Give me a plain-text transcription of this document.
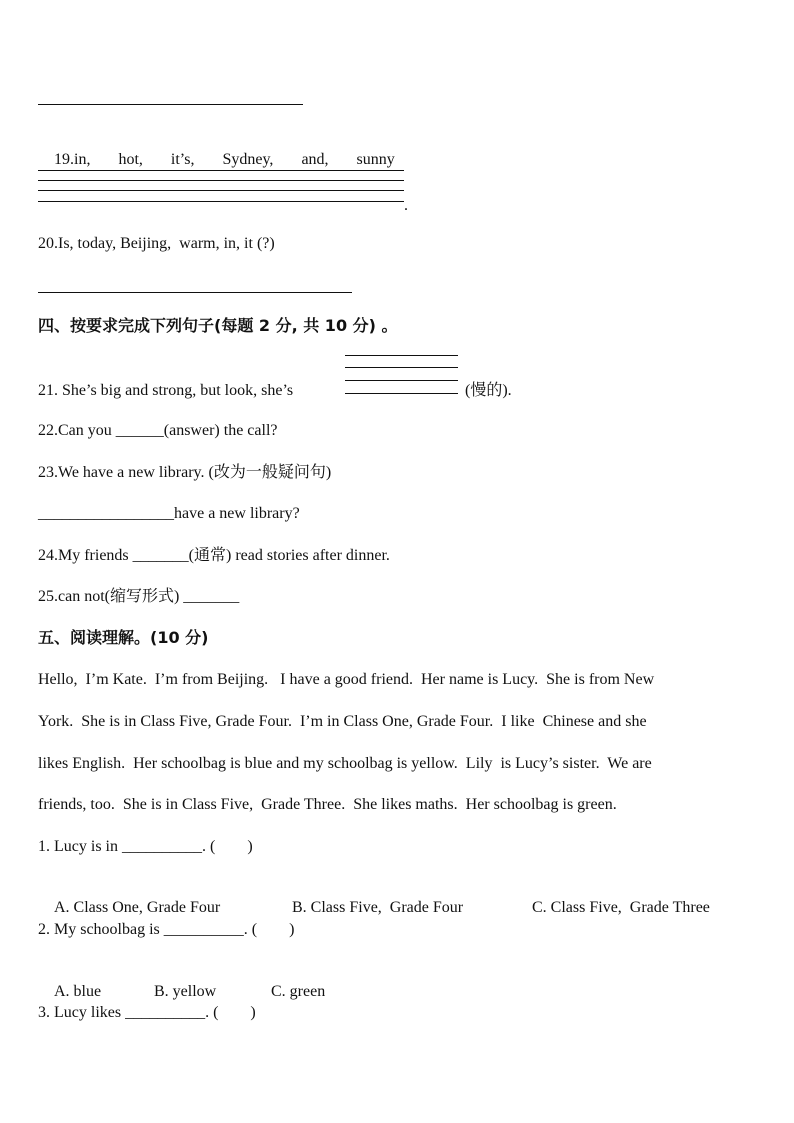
19.in, hot, it’s, Sydney, and, sunny

.
20.Is, today, Beijing,  warm, in, it (?)
四、按要求完成下列句子(每题 2 分, 共 10 分) 。
21. She’s big and strong, but look, she’s	(慢的).
22.Can you ______(answer) the call?
23.We have a new library. (改为一般疑问句)
_________________have a new library?
24.My friends _______(通常) read stories after dinner.
25.can not(缩写形式) _______
五、阅读理解。(10 分)
Hello,  I’m Kate.  I’m from Beijing.   I have a good friend.  Her name is Lucy.  She is from New
York.  She is in Class Five, Grade Four.  I’m in Class One, Grade Four.  I like  Chinese and she
likes English.  Her schoolbag is blue and my schoolbag is yellow.  Lily  is Lucy’s sister.  We are
friends, too.  She is in Class Five,  Grade Three.  She likes maths.  Her schoolbag is green.
1. Lucy is in __________. (        )

A. Class One, Grade Four	B. Class Five,  Grade Four	C. Class Five,  Grade Three

2. My schoolbag is __________. (        )

A. blue	B. yellow	C. green

3. Lucy likes __________. (        )
